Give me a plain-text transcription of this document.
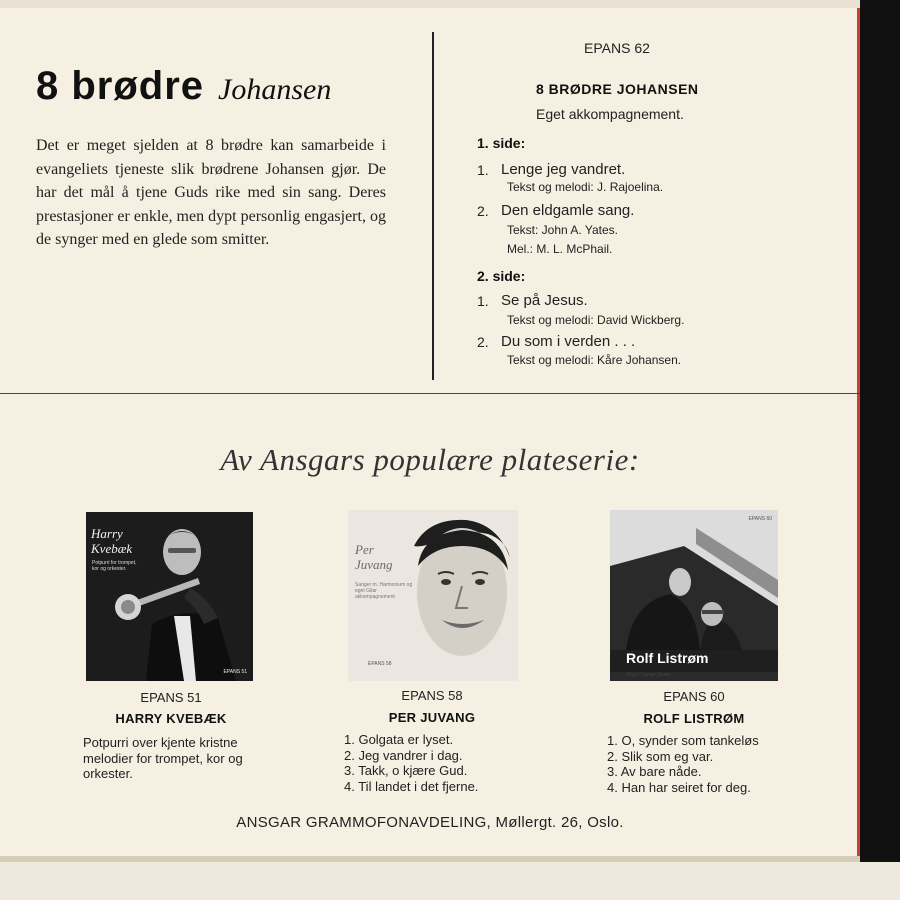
8 brødre Johansen
Det er meget sjelden at 8 brødre kan samarbeide i evangeliets tjeneste slik brødrene Johansen gjør. De har det mål å tjene Guds rike med sin sang. Deres prestasjoner er enkle, men dypt personlig engasjert, og de synger med en glede som smitter.
EPANS 62
8 BRØDRE JOHANSEN
Eget akkompagnement.
1. side:
1. Lenge jeg vandret.
Tekst og melodi: J. Rajoelina.
2. Den eldgamle sang.
Tekst: John A. Yates.
Mel.: M. L. McPhail.
2. side:
1. Se på Jesus.
Tekst og melodi: David Wickberg.
2. Du som i verden . . .
Tekst og melodi: Kåre Johansen.
Av Ansgars populære plateserie:
Harry
Kvebæk
Potpurri for trompet,
kor og orkester.
EPANS 51
Per
Juvang
Sanger m. Harmonium og
eget Gitar
akkompagnement
EPANS 58	Rolf Listrøm
Orgel: Daniel Strøm
EPANS 60
EPANS 51
HARRY KVEBÆK
Potpurri over kjente kristne melodier for trompet, kor og orkester.
EPANS 58
PER JUVANG
1. Golgata er lyset.
2. Jeg vandrer i dag.
3. Takk, o kjære Gud.
4. Til landet i det fjerne.
EPANS 60
ROLF LISTRØM
1. O, synder som tankeløs
2. Slik som eg var.
3. Av bare nåde.
4. Han har seiret for deg.
ANSGAR GRAMMOFONAVDELING, Møllergt. 26, Oslo.
